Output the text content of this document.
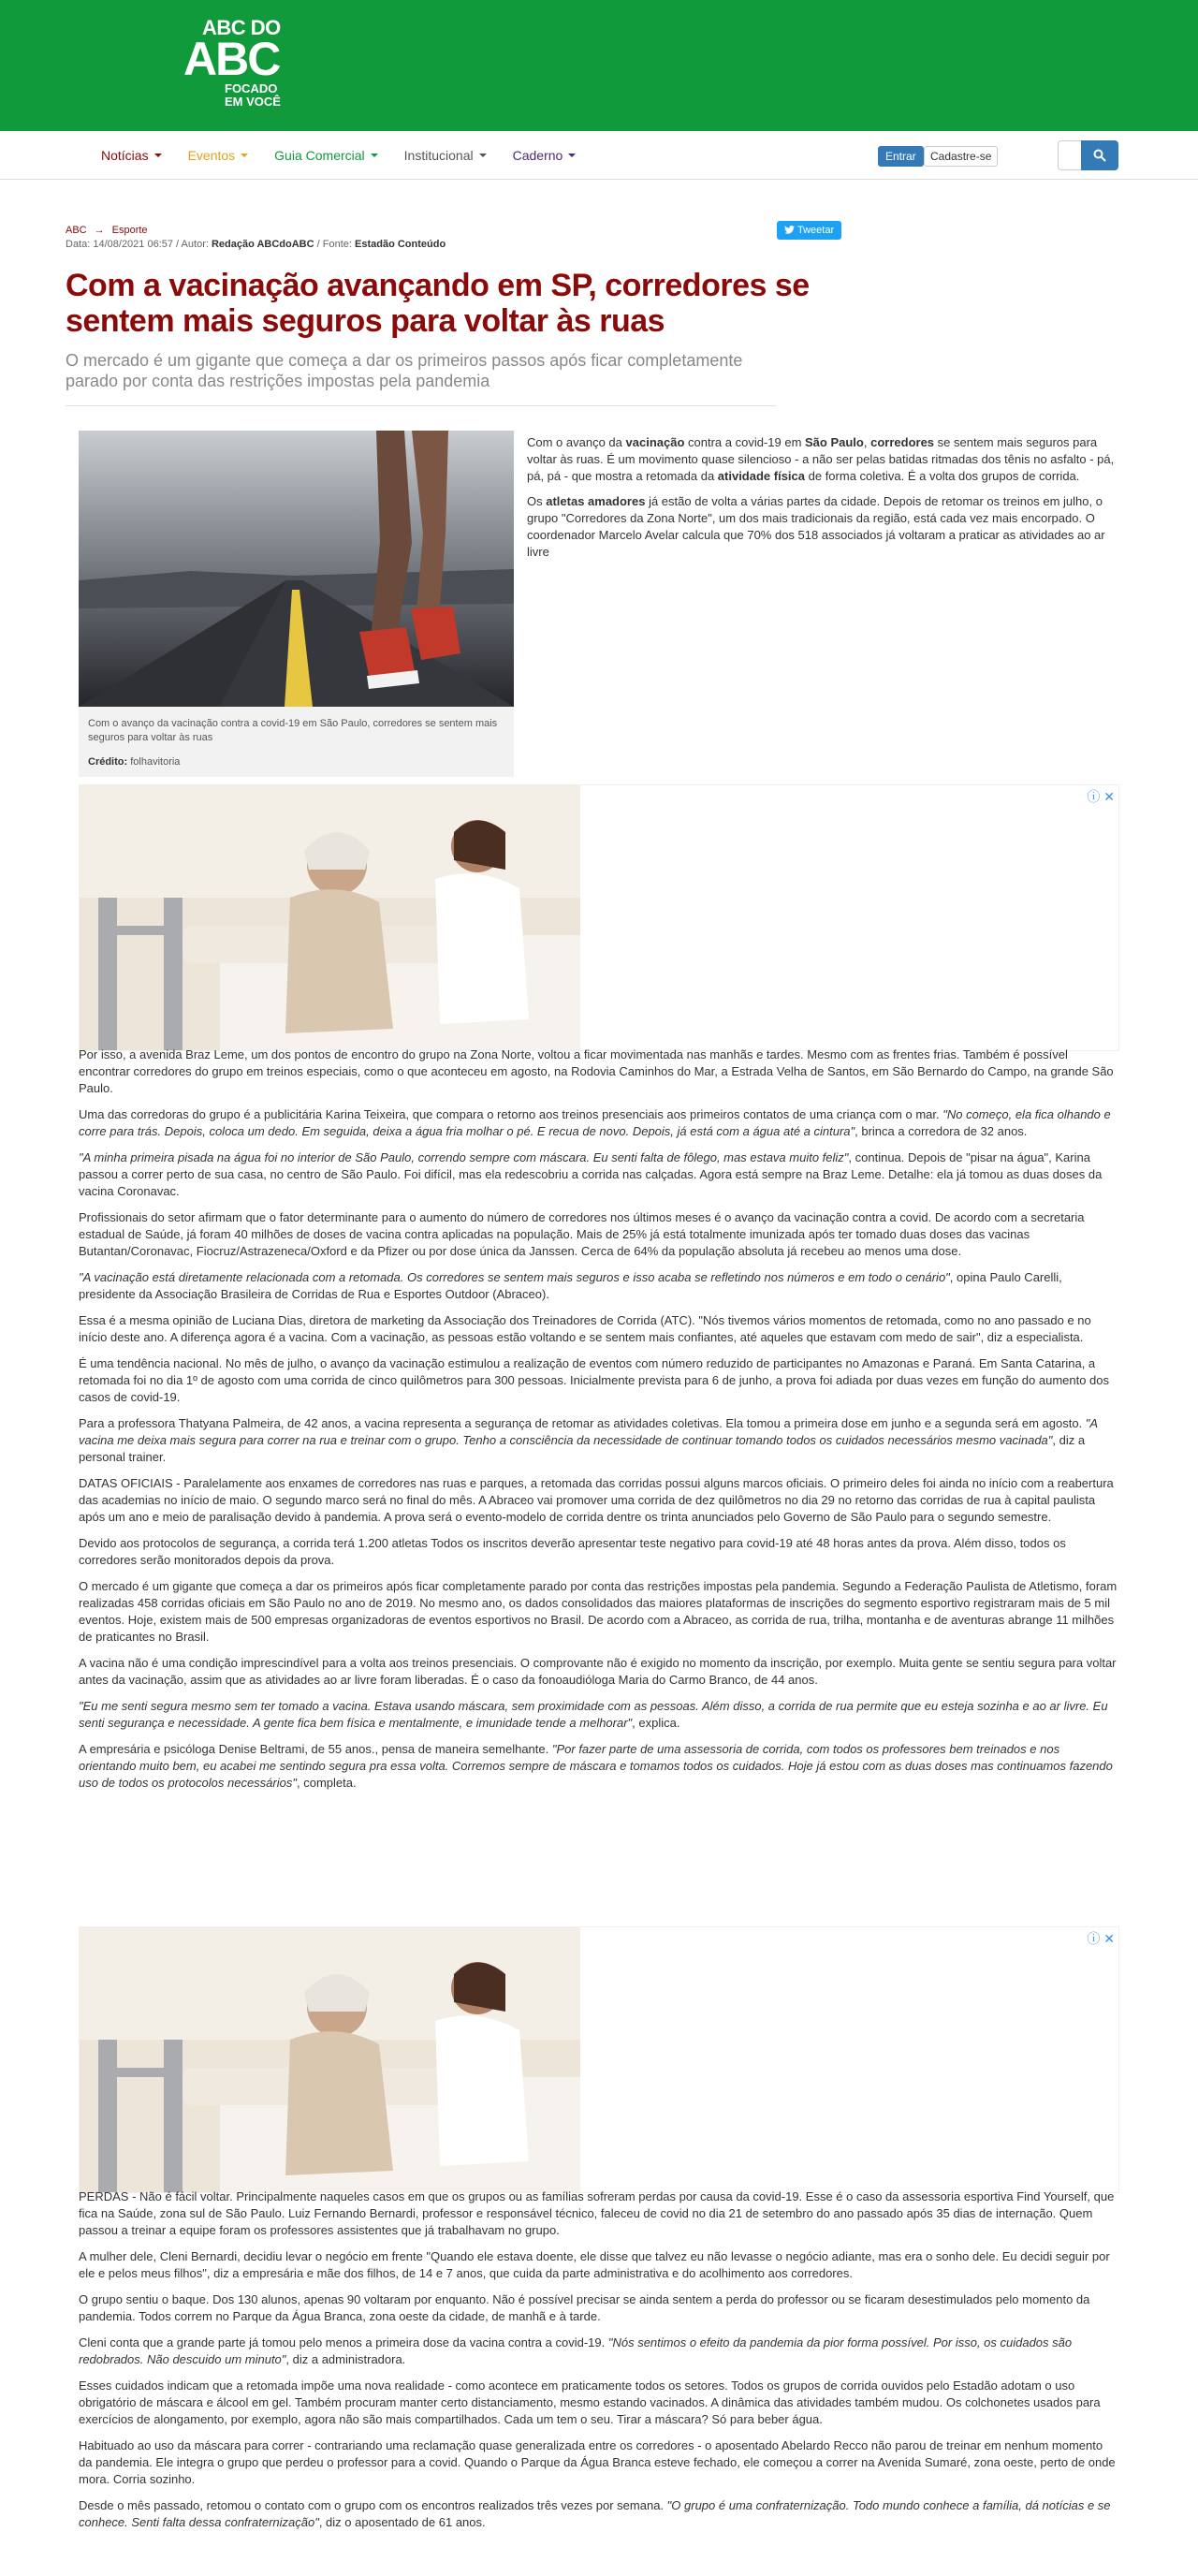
ABC DO
ABC
FOCADO
EM VOCÊ
Notícias	Eventos	Guia Comercial	Institucional	Caderno	Entrar	Cadastre-se
ABC → Esporte
Data: 14/08/2021 06:57 / Autor: Redação ABCdoABC / Fonte: Estadão Conteúdo
Tweetar
Com a vacinação avançando em SP, corredores se sentem mais seguros para voltar às ruas
O mercado é um gigante que começa a dar os primeiros passos após ficar completamente parado por conta das restrições impostas pela pandemia
Com o avanço da vacinação contra a covid-19 em São Paulo, corredores se sentem mais seguros para voltar às ruas
Crédito: folhavitoria

Com o avanço da vacinação contra a covid-19 em São Paulo, corredores se sentem mais seguros para voltar às ruas. É um movimento quase silencioso - a não ser pelas batidas ritmadas dos tênis no asfalto - pá, pá, pá - que mostra a retomada da atividade física de forma coletiva. É a volta dos grupos de corrida.

Os atletas amadores já estão de volta a várias partes da cidade. Depois de retomar os treinos em julho, o grupo "Corredores da Zona Norte", um dos mais tradicionais da região, está cada vez mais encorpado. O coordenador Marcelo Avelar calcula que 70% dos 518 associados já voltaram a praticar as atividades ao ar livre

ⓘ ✕

Por isso, a avenida Braz Leme, um dos pontos de encontro do grupo na Zona Norte, voltou a ficar movimentada nas manhãs e tardes. Mesmo com as frentes frias. Também é possível encontrar corredores do grupo em treinos especiais, como o que aconteceu em agosto, na Rodovia Caminhos do Mar, a Estrada Velha de Santos, em São Bernardo do Campo, na grande São Paulo.

Uma das corredoras do grupo é a publicitária Karina Teixeira, que compara o retorno aos treinos presenciais aos primeiros contatos de uma criança com o mar. "No começo, ela fica olhando e corre para trás. Depois, coloca um dedo. Em seguida, deixa a água fria molhar o pé. E recua de novo. Depois, já está com a água até a cintura", brinca a corredora de 32 anos.

"A minha primeira pisada na água foi no interior de São Paulo, correndo sempre com máscara. Eu senti falta de fôlego, mas estava muito feliz", continua. Depois de "pisar na água", Karina passou a correr perto de sua casa, no centro de São Paulo. Foi difícil, mas ela redescobriu a corrida nas calçadas. Agora está sempre na Braz Leme. Detalhe: ela já tomou as duas doses da vacina Coronavac.

Profissionais do setor afirmam que o fator determinante para o aumento do número de corredores nos últimos meses é o avanço da vacinação contra a covid. De acordo com a secretaria estadual de Saúde, já foram 40 milhões de doses de vacina contra aplicadas na população. Mais de 25% já está totalmente imunizada após ter tomado duas doses das vacinas Butantan/Coronavac, Fiocruz/Astrazeneca/Oxford e da Pfizer ou por dose única da Janssen. Cerca de 64% da população absoluta já recebeu ao menos uma dose.

"A vacinação está diretamente relacionada com a retomada. Os corredores se sentem mais seguros e isso acaba se refletindo nos números e em todo o cenário", opina Paulo Carelli, presidente da Associação Brasileira de Corridas de Rua e Esportes Outdoor (Abraceo).

Essa é a mesma opinião de Luciana Dias, diretora de marketing da Associação dos Treinadores de Corrida (ATC). "Nós tivemos vários momentos de retomada, como no ano passado e no início deste ano. A diferença agora é a vacina. Com a vacinação, as pessoas estão voltando e se sentem mais confiantes, até aqueles que estavam com medo de sair", diz a especialista.

É uma tendência nacional. No mês de julho, o avanço da vacinação estimulou a realização de eventos com número reduzido de participantes no Amazonas e Paraná. Em Santa Catarina, a retomada foi no dia 1º de agosto com uma corrida de cinco quilômetros para 300 pessoas. Inicialmente prevista para 6 de junho, a prova foi adiada por duas vezes em função do aumento dos casos de covid-19.

Para a professora Thatyana Palmeira, de 42 anos, a vacina representa a segurança de retomar as atividades coletivas. Ela tomou a primeira dose em junho e a segunda será em agosto. "A vacina me deixa mais segura para correr na rua e treinar com o grupo. Tenho a consciência da necessidade de continuar tomando todos os cuidados necessários mesmo vacinada", diz a personal trainer.

DATAS OFICIAIS - Paralelamente aos enxames de corredores nas ruas e parques, a retomada das corridas possui alguns marcos oficiais. O primeiro deles foi ainda no início com a reabertura das academias no início de maio. O segundo marco será no final do mês. A Abraceo vai promover uma corrida de dez quilômetros no dia 29 no retorno das corridas de rua à capital paulista após um ano e meio de paralisação devido à pandemia. A prova será o evento-modelo de corrida dentre os trinta anunciados pelo Governo de São Paulo para o segundo semestre.

Devido aos protocolos de segurança, a corrida terá 1.200 atletas Todos os inscritos deverão apresentar teste negativo para covid-19 até 48 horas antes da prova. Além disso, todos os corredores serão monitorados depois da prova.

O mercado é um gigante que começa a dar os primeiros após ficar completamente parado por conta das restrições impostas pela pandemia. Segundo a Federação Paulista de Atletismo, foram realizadas 458 corridas oficiais em São Paulo no ano de 2019. No mesmo ano, os dados consolidados das maiores plataformas de inscrições do segmento esportivo registraram mais de 5 mil eventos. Hoje, existem mais de 500 empresas organizadoras de eventos esportivos no Brasil. De acordo com a Abraceo, as corrida de rua, trilha, montanha e de aventuras abrange 11 milhões de praticantes no Brasil.

A vacina não é uma condição imprescindível para a volta aos treinos presenciais. O comprovante não é exigido no momento da inscrição, por exemplo. Muita gente se sentiu segura para voltar antes da vacinação, assim que as atividades ao ar livre foram liberadas. É o caso da fonoaudióloga Maria do Carmo Branco, de 44 anos.

"Eu me senti segura mesmo sem ter tomado a vacina. Estava usando máscara, sem proximidade com as pessoas. Além disso, a corrida de rua permite que eu esteja sozinha e ao ar livre. Eu senti segurança e necessidade. A gente fica bem física e mentalmente, e imunidade tende a melhorar", explica.

A empresária e psicóloga Denise Beltrami, de 55 anos., pensa de maneira semelhante. "Por fazer parte de uma assessoria de corrida, com todos os professores bem treinados e nos orientando muito bem, eu acabei me sentindo segura pra essa volta. Corremos sempre de máscara e tomamos todos os cuidados. Hoje já estou com as duas doses mas continuamos fazendo uso de todos os protocolos necessários", completa.

ⓘ ✕

PERDAS - Não é fácil voltar. Principalmente naqueles casos em que os grupos ou as famílias sofreram perdas por causa da covid-19. Esse é o caso da assessoria esportiva Find Yourself, que fica na Saúde, zona sul de São Paulo. Luiz Fernando Bernardi, professor e responsável técnico, faleceu de covid no dia 21 de setembro do ano passado após 35 dias de internação. Quem passou a treinar a equipe foram os professores assistentes que já trabalhavam no grupo.

A mulher dele, Cleni Bernardi, decidiu levar o negócio em frente "Quando ele estava doente, ele disse que talvez eu não levasse o negócio adiante, mas era o sonho dele. Eu decidi seguir por ele e pelos meus filhos", diz a empresária e mãe dos filhos, de 14 e 7 anos, que cuida da parte administrativa e do acolhimento aos corredores.

O grupo sentiu o baque. Dos 130 alunos, apenas 90 voltaram por enquanto. Não é possível precisar se ainda sentem a perda do professor ou se ficaram desestimulados pelo momento da pandemia. Todos correm no Parque da Água Branca, zona oeste da cidade, de manhã e à tarde.

Cleni conta que a grande parte já tomou pelo menos a primeira dose da vacina contra a covid-19. "Nós sentimos o efeito da pandemia da pior forma possível. Por isso, os cuidados são redobrados. Não descuido um minuto", diz a administradora.

Esses cuidados indicam que a retomada impõe uma nova realidade - como acontece em praticamente todos os setores. Todos os grupos de corrida ouvidos pelo Estadão adotam o uso obrigatório de máscara e álcool em gel. Também procuram manter certo distanciamento, mesmo estando vacinados. A dinâmica das atividades também mudou. Os colchonetes usados para exercícios de alongamento, por exemplo, agora não são mais compartilhados. Cada um tem o seu. Tirar a máscara? Só para beber água.

Habituado ao uso da máscara para correr - contrariando uma reclamação quase generalizada entre os corredores - o aposentado Abelardo Recco não parou de treinar em nenhum momento da pandemia. Ele integra o grupo que perdeu o professor para a covid. Quando o Parque da Água Branca esteve fechado, ele começou a correr na Avenida Sumaré, zona oeste, perto de onde mora. Corria sozinho.

Desde o mês passado, retomou o contato com o grupo com os encontros realizados três vezes por semana. "O grupo é uma confraternização. Todo mundo conhece a família, dá notícias e se conhece. Senti falta dessa confraternização", diz o aposentado de 61 anos.
